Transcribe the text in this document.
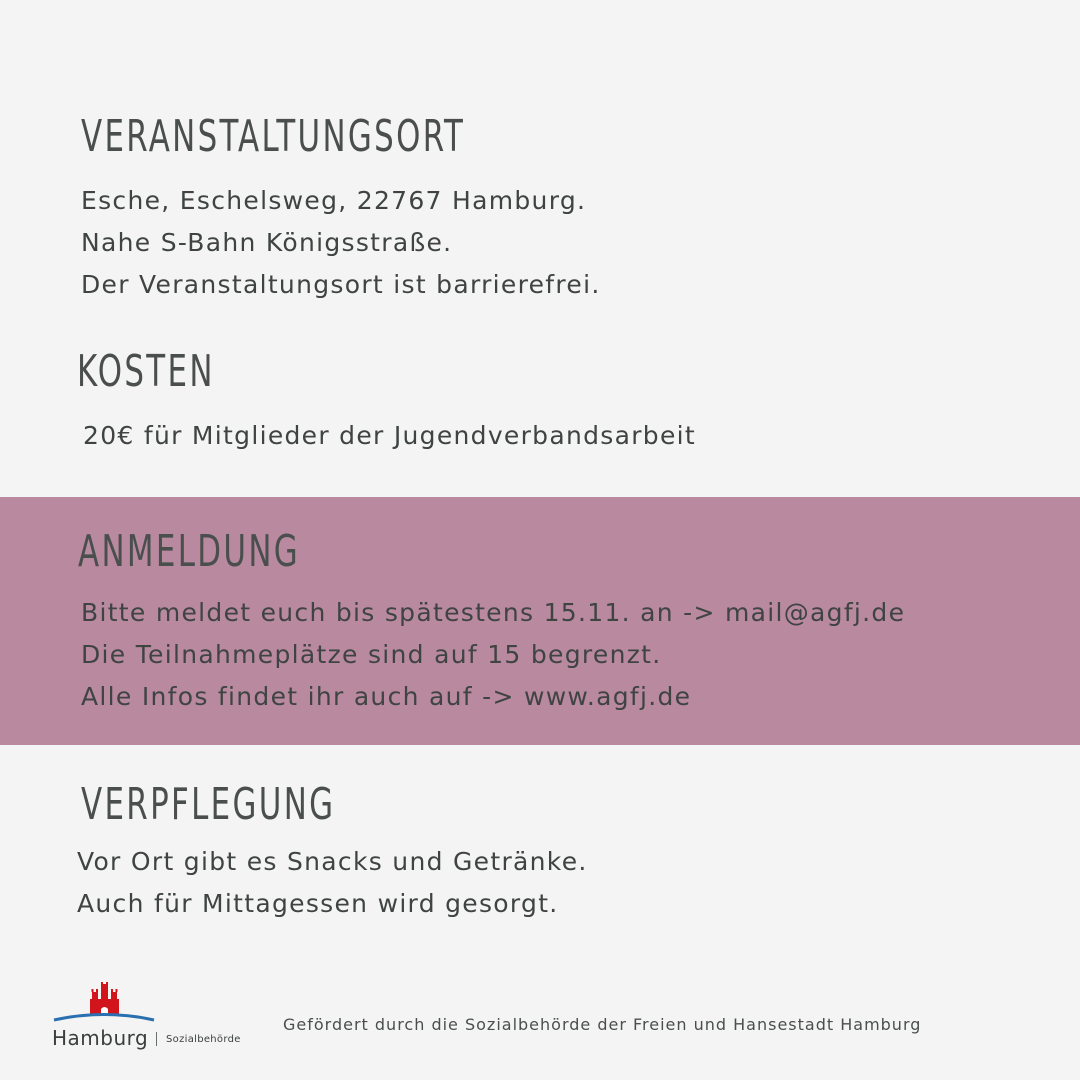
VERANSTALTUNGSORT
Esche, Eschelsweg, 22767 Hamburg.
Nahe S-Bahn Königsstraße.
Der Veranstaltungsort ist barrierefrei.
KOSTEN
20€ für Mitglieder der Jugendverbandsarbeit
ANMELDUNG
Bitte meldet euch bis spätestens 15.11. an -> mail@agfj.de
Die Teilnahmeplätze sind auf 15 begrenzt.
Alle Infos findet ihr auch auf -> www.agfj.de
VERPFLEGUNG
Vor Ort gibt es Snacks und Getränke.
Auch für Mittagessen wird gesorgt.
Hamburg Sozialbehörde
Gefördert durch die Sozialbehörde der Freien und Hansestadt Hamburg
